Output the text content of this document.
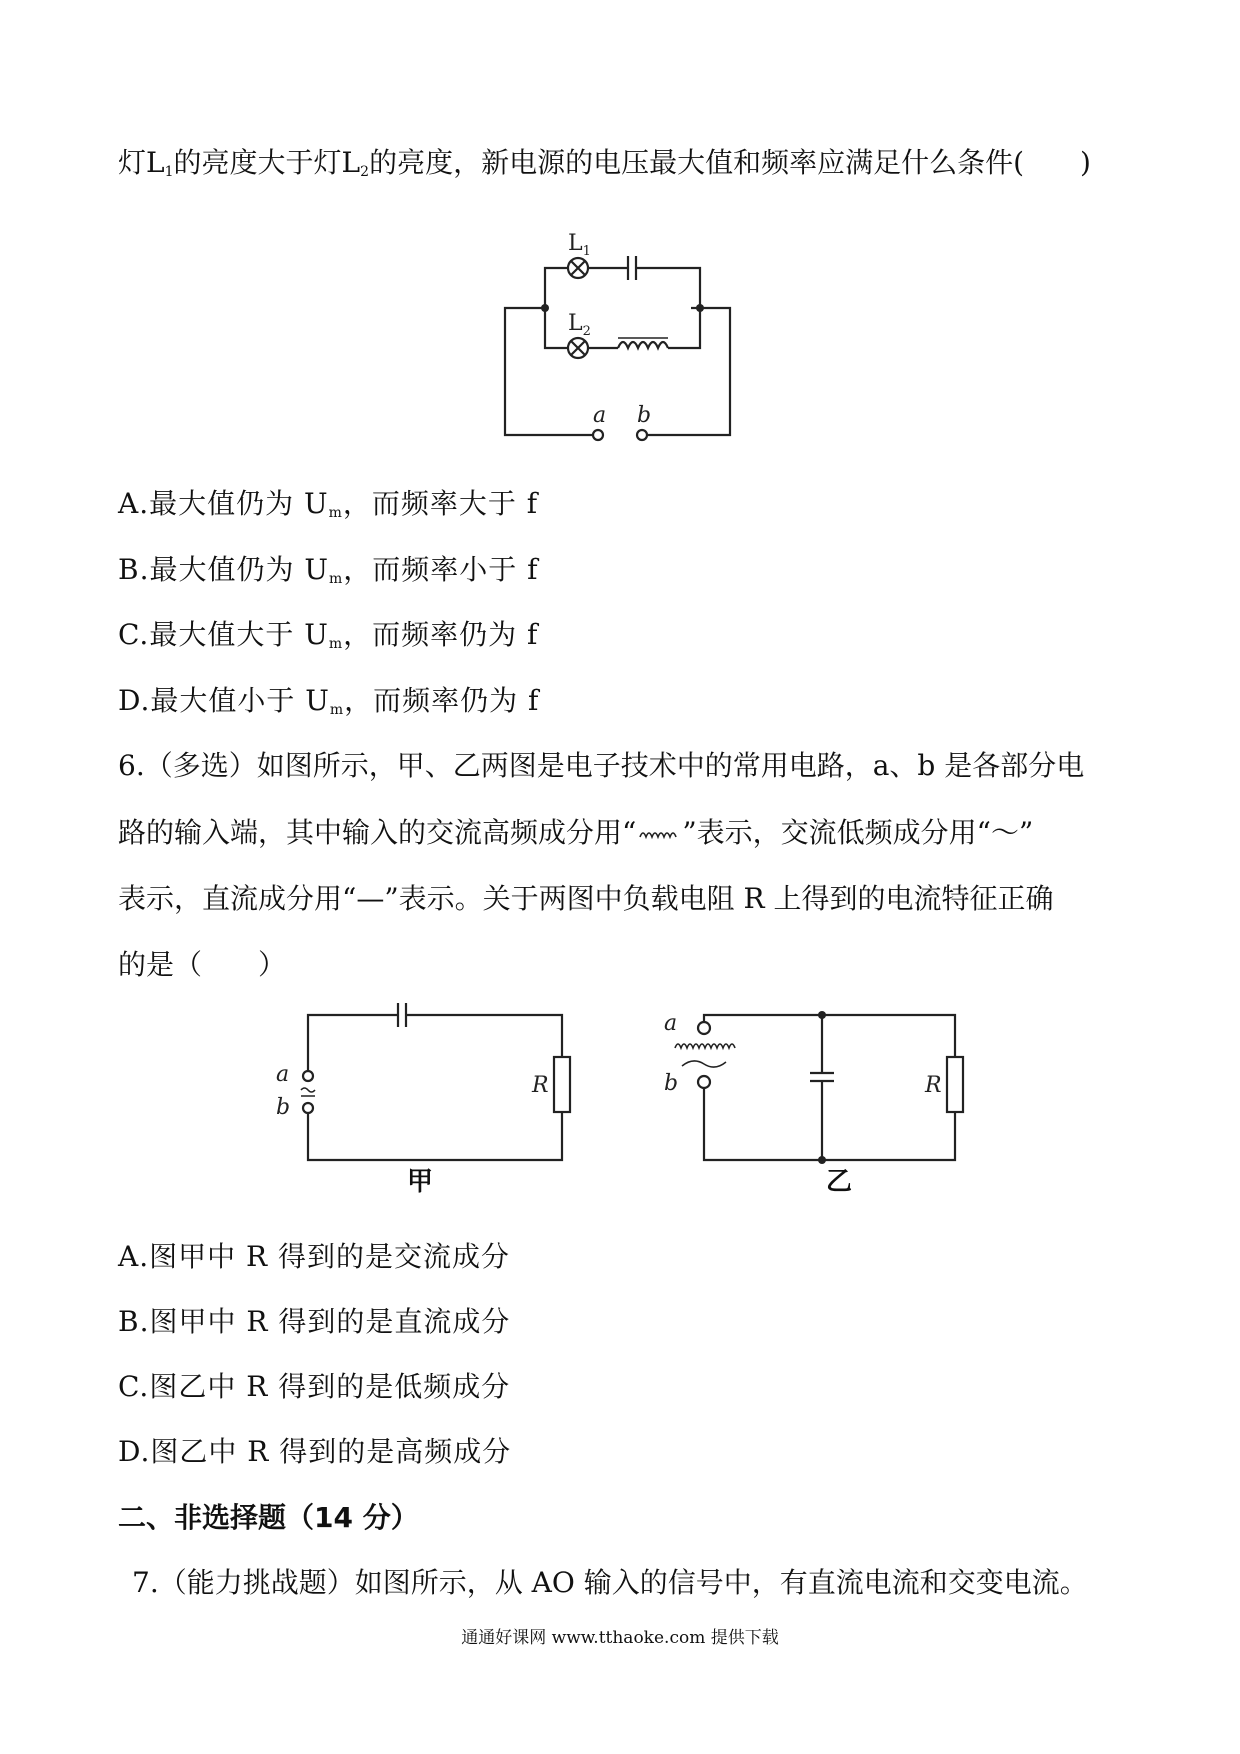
灯$L_1$的亮度大于灯$L_2$的亮度，新电源的电压最大值和频率应满足什么条件(　　)
$L_1$
$L_2$
a b
A.最大值仍为 $U_m$，而频率大于 f
B.最大值仍为 $U_m$，而频率小于 f
C.最大值大于 $U_m$，而频率仍为 f
D.最大值小于 $U_m$，而频率仍为 f
6.（多选）如图所示，甲、乙两图是电子技术中的常用电路，a、b 是各部分电
路的输入端，其中输入的交流高频成分用“ ”表示，交流低频成分用“～”
表示，直流成分用“—”表示。关于两图中负载电阻 R 上得到的电流特征正确
的是（　　）
a
b
R
甲
a
b	R
乙
A.图甲中 R 得到的是交流成分
B.图甲中 R 得到的是直流成分
C.图乙中 R 得到的是低频成分
D.图乙中 R 得到的是高频成分
二、非选择题（14 分）
7.（能力挑战题）如图所示，从 AO 输入的信号中，有直流电流和交变电流。
通通好课网 www.tthaoke.com 提供下载
